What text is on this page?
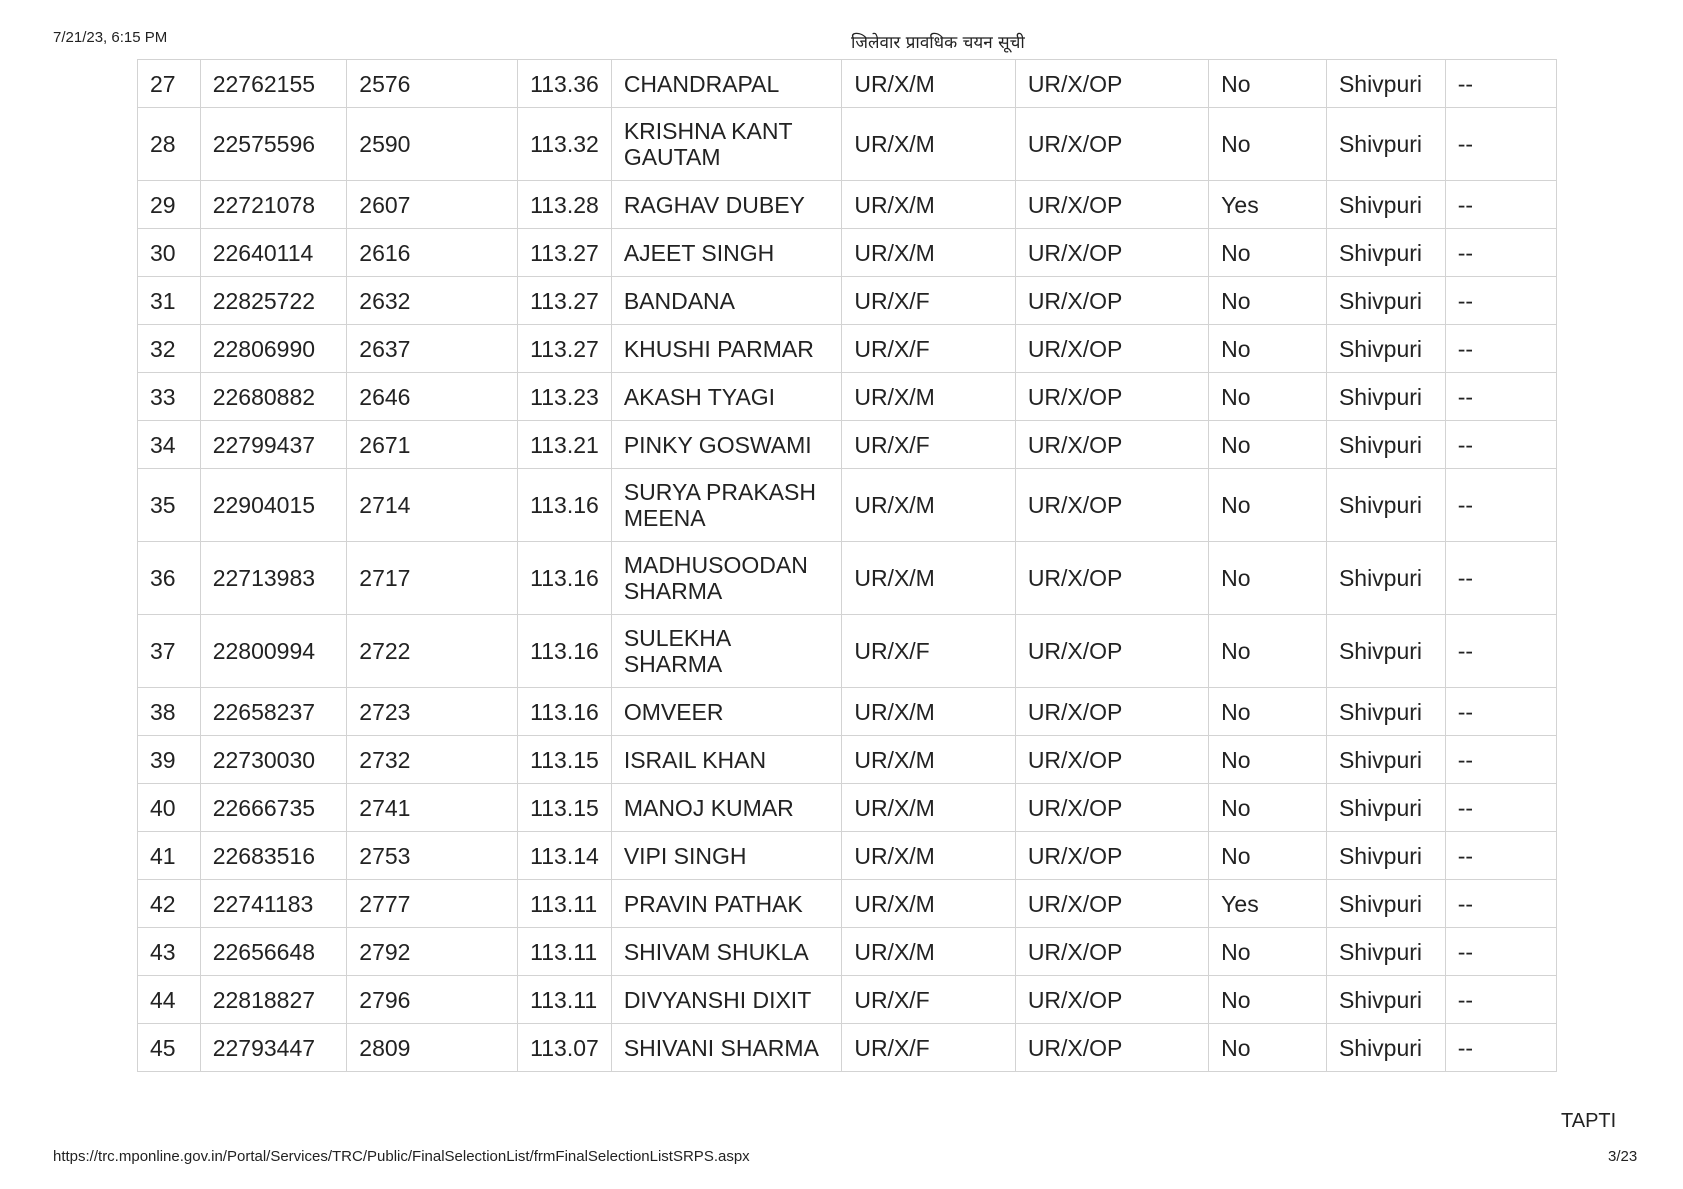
7/21/23, 6:15 PM	जिलेवार प्रावधिक चयन सूची
27	22762155	2576	113.36	CHANDRAPAL	UR/X/M	UR/X/OP	No	Shivpuri	--
28	22575596	2590	113.32	KRISHNA KANT GAUTAM	UR/X/M	UR/X/OP	No	Shivpuri	--
29	22721078	2607	113.28	RAGHAV DUBEY	UR/X/M	UR/X/OP	Yes	Shivpuri	--
30	22640114	2616	113.27	AJEET SINGH	UR/X/M	UR/X/OP	No	Shivpuri	--
31	22825722	2632	113.27	BANDANA	UR/X/F	UR/X/OP	No	Shivpuri	--
32	22806990	2637	113.27	KHUSHI PARMAR	UR/X/F	UR/X/OP	No	Shivpuri	--
33	22680882	2646	113.23	AKASH TYAGI	UR/X/M	UR/X/OP	No	Shivpuri	--
34	22799437	2671	113.21	PINKY GOSWAMI	UR/X/F	UR/X/OP	No	Shivpuri	--
35	22904015	2714	113.16	SURYA PRAKASH MEENA	UR/X/M	UR/X/OP	No	Shivpuri	--
36	22713983	2717	113.16	MADHUSOODAN SHARMA	UR/X/M	UR/X/OP	No	Shivpuri	--
37	22800994	2722	113.16	SULEKHA SHARMA	UR/X/F	UR/X/OP	No	Shivpuri	--
38	22658237	2723	113.16	OMVEER	UR/X/M	UR/X/OP	No	Shivpuri	--
39	22730030	2732	113.15	ISRAIL KHAN	UR/X/M	UR/X/OP	No	Shivpuri	--
40	22666735	2741	113.15	MANOJ KUMAR	UR/X/M	UR/X/OP	No	Shivpuri	--
41	22683516	2753	113.14	VIPI SINGH	UR/X/M	UR/X/OP	No	Shivpuri	--
42	22741183	2777	113.11	PRAVIN PATHAK	UR/X/M	UR/X/OP	Yes	Shivpuri	--
43	22656648	2792	113.11	SHIVAM SHUKLA	UR/X/M	UR/X/OP	No	Shivpuri	--
44	22818827	2796	113.11	DIVYANSHI DIXIT	UR/X/F	UR/X/OP	No	Shivpuri	--
45	22793447	2809	113.07	SHIVANI SHARMA	UR/X/F	UR/X/OP	No	Shivpuri	--
TAPTI
https://trc.mponline.gov.in/Portal/Services/TRC/Public/FinalSelectionList/frmFinalSelectionListSRPS.aspx	3/23
